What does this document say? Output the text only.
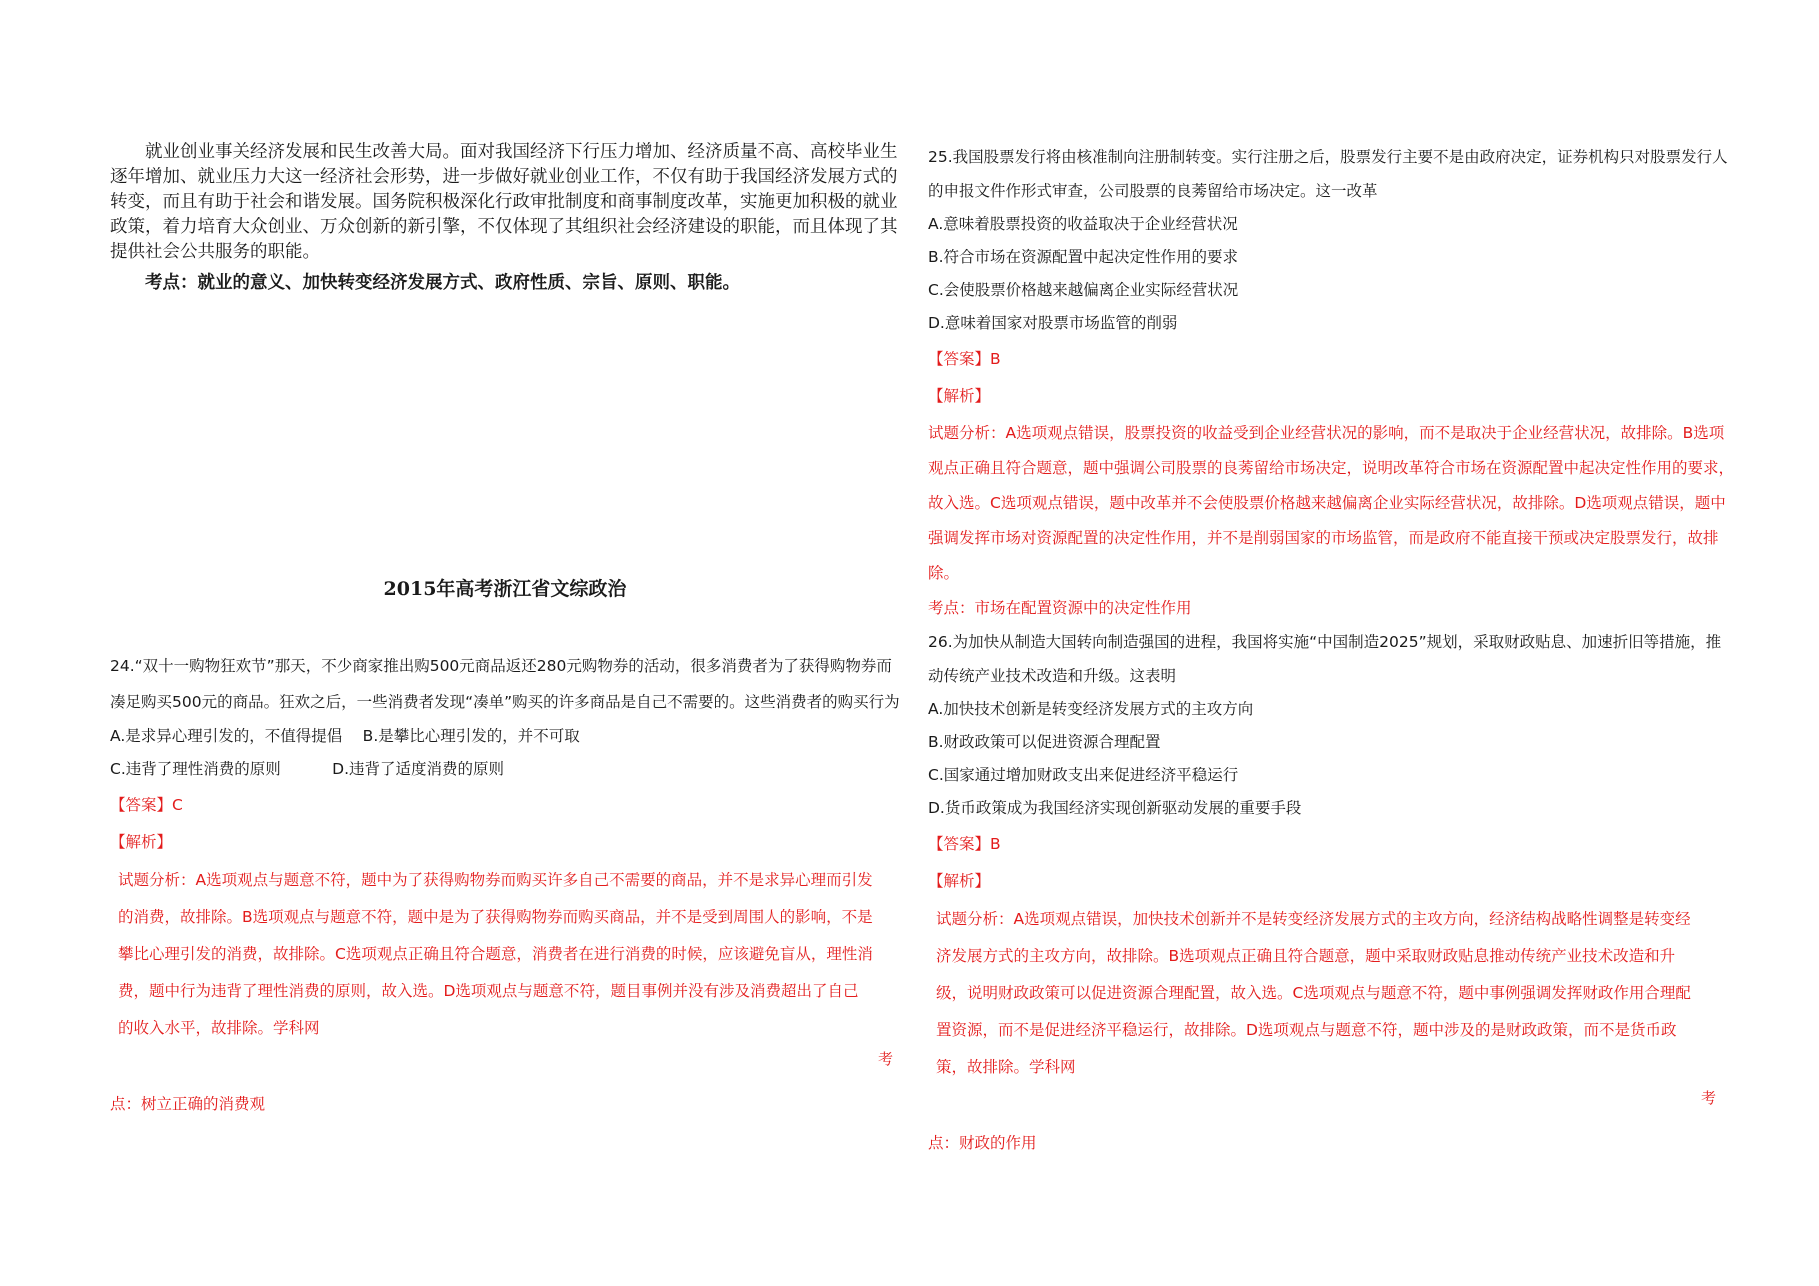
就业创业事关经济发展和民生改善大局。面对我国经济下行压力增加、经济质量不高、高校毕业生逐年增加、就业压力大这一经济社会形势，进一步做好就业创业工作，不仅有助于我国经济发展方式的转变，而且有助于社会和谐发展。国务院积极深化行政审批制度和商事制度改革，实施更加积极的就业政策，着力培育大众创业、万众创新的新引擎，不仅体现了其组织社会经济建设的职能，而且体现了其提供社会公共服务的职能。

考点：就业的意义、加快转变经济发展方式、政府性质、宗旨、原则、职能。

2015年高考浙江省文综政治

24.“双十一购物狂欢节”那天，不少商家推出购500元商品返还280元购物券的活动，很多消费者为了获得购物券而凑足购买500元的商品。狂欢之后，一些消费者发现“凑单”购买的许多商品是自己不需要的。这些消费者的购买行为

A.是求异心理引发的，不值得提倡　 B.是攀比心理引发的，并不可取

C.违背了理性消费的原则　　　 D.违背了适度消费的原则

【答案】C

【解析】

试题分析：A选项观点与题意不符，题中为了获得购物券而购买许多自己不需要的商品，并不是求异心理而引发的消费，故排除。B选项观点与题意不符，题中是为了获得购物券而购买商品，并不是受到周围人的影响，不是攀比心理引发的消费，故排除。C选项观点正确且符合题意，消费者在进行消费的时候，应该避免盲从，理性消费，题中行为违背了理性消费的原则，故入选。D选项观点与题意不符，题目事例并没有涉及消费超出了自己的收入水平，故排除。学科网

考

点：树立正确的消费观

25.我国股票发行将由核准制向注册制转变。实行注册之后，股票发行主要不是由政府决定，证券机构只对股票发行人的申报文件作形式审查，公司股票的良莠留给市场决定。这一改革

A.意味着股票投资的收益取决于企业经营状况

B.符合市场在资源配置中起决定性作用的要求

C.会使股票价格越来越偏离企业实际经营状况

D.意味着国家对股票市场监管的削弱

【答案】B

【解析】

试题分析：A选项观点错误，股票投资的收益受到企业经营状况的影响，而不是取决于企业经营状况，故排除。B选项观点正确且符合题意，题中强调公司股票的良莠留给市场决定，说明改革符合市场在资源配置中起决定性作用的要求，故入选。C选项观点错误，题中改革并不会使股票价格越来越偏离企业实际经营状况，故排除。D选项观点错误，题中强调发挥市场对资源配置的决定性作用，并不是削弱国家的市场监管，而是政府不能直接干预或决定股票发行，故排除。

考点：市场在配置资源中的决定性作用

26.为加快从制造大国转向制造强国的进程，我国将实施“中国制造2025”规划，采取财政贴息、加速折旧等措施，推动传统产业技术改造和升级。这表明

A.加快技术创新是转变经济发展方式的主攻方向

B.财政政策可以促进资源合理配置

C.国家通过增加财政支出来促进经济平稳运行

D.货币政策成为我国经济实现创新驱动发展的重要手段

【答案】B

【解析】

试题分析：A选项观点错误，加快技术创新并不是转变经济发展方式的主攻方向，经济结构战略性调整是转变经济发展方式的主攻方向，故排除。B选项观点正确且符合题意，题中采取财政贴息推动传统产业技术改造和升级，说明财政政策可以促进资源合理配置，故入选。C选项观点与题意不符，题中事例强调发挥财政作用合理配置资源，而不是促进经济平稳运行，故排除。D选项观点与题意不符，题中涉及的是财政政策，而不是货币政策，故排除。学科网

考

点：财政的作用
